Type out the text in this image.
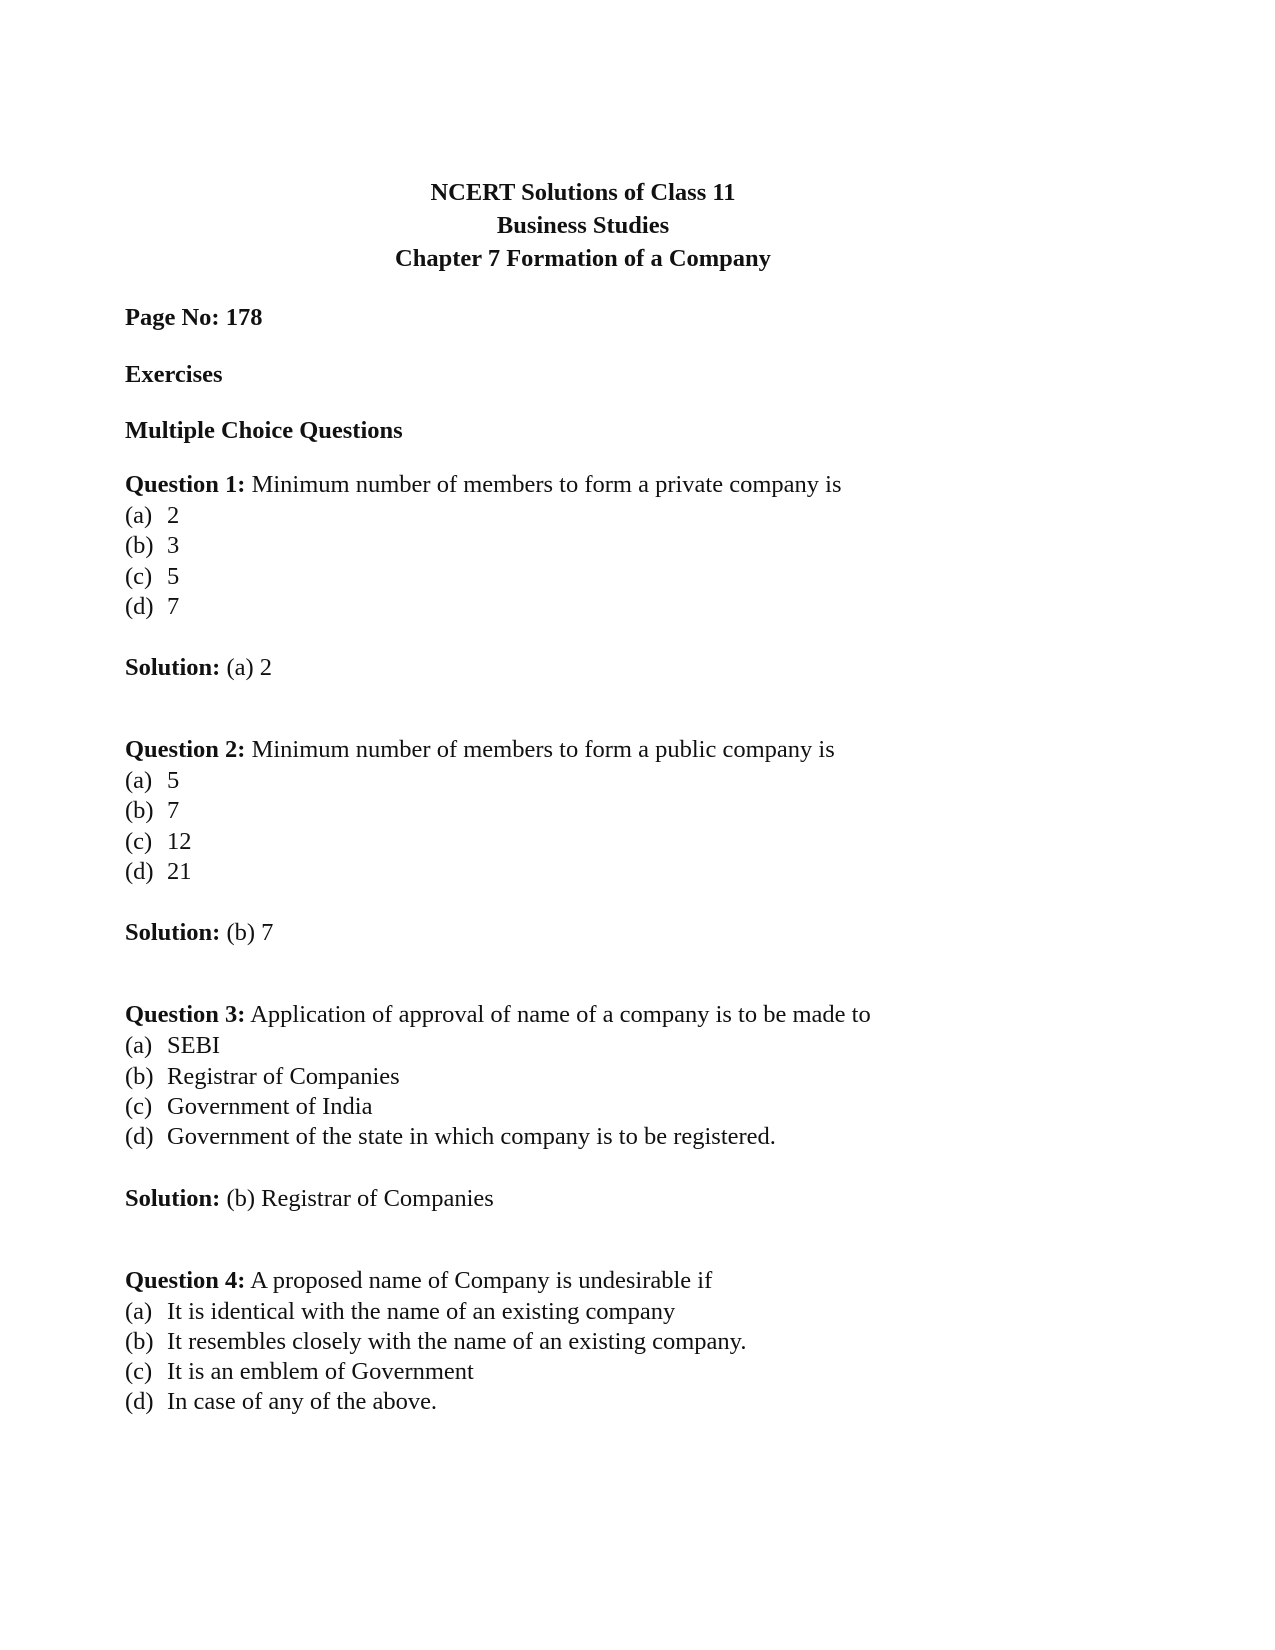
NCERT Solutions of Class 11
Business Studies
Chapter 7 Formation of a Company

Page No: 178

Exercises

Multiple Choice Questions

Question 1: Minimum number of members to form a private company is
(a) 2
(b) 3
(c) 5
(d) 7
Solution: (a) 2
Question 2: Minimum number of members to form a public company is
(a) 5
(b) 7
(c) 12
(d) 21
Solution: (b) 7
Question 3: Application of approval of name of a company is to be made to
(a) SEBI
(b) Registrar of Companies
(c) Government of India
(d) Government of the state in which company is to be registered.
Solution: (b) Registrar of Companies
Question 4: A proposed name of Company is undesirable if
(a) It is identical with the name of an existing company
(b) It resembles closely with the name of an existing company.
(c) It is an emblem of Government
(d) In case of any of the above.
